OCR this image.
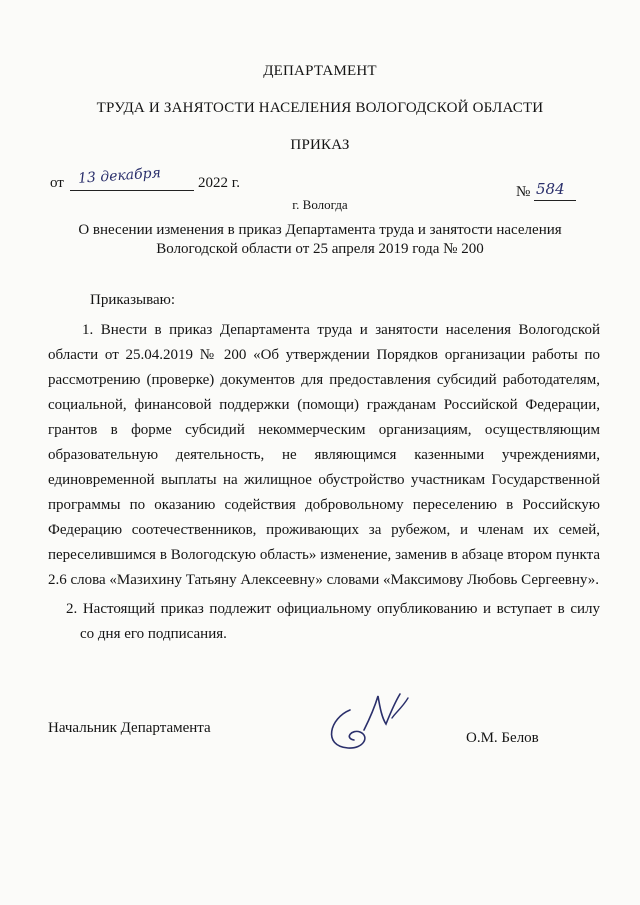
ДЕПАРТАМЕНТ
ТРУДА И ЗАНЯТОСТИ НАСЕЛЕНИЯ ВОЛОГОДСКОЙ ОБЛАСТИ
ПРИКАЗ
от 13 декабря 2022 г.
№ 584
г. Вологда
О внесении изменения в приказ Департамента труда и занятости населения
Вологодской области от 25 апреля 2019 года № 200
Приказываю:
1. Внести в приказ Департамента труда и занятости населения Вологодской области от 25.04.2019 № 200 «Об утверждении Порядков организации работы по рассмотрению (проверке) документов для предоставления субсидий работодателям, социальной, финансовой поддержки (помощи) гражданам Российской Федерации, грантов в форме субсидий некоммерческим организациям, осуществляющим образовательную деятельность, не являющимся казенными учреждениями, единовременной выплаты на жилищное обустройство участникам Государственной программы по оказанию содействия добровольному переселению в Российскую Федерацию соотечественников, проживающих за рубежом, и членам их семей, переселившимся в Вологодскую область» изменение, заменив в абзаце втором пункта 2.6 слова «Мазихину Татьяну Алексеевну» словами «Максимову Любовь Сергеевну».
2. Настоящий приказ подлежит официальному опубликованию и вступает в силу со дня его подписания.
Начальник Департамента
О.М. Белов
